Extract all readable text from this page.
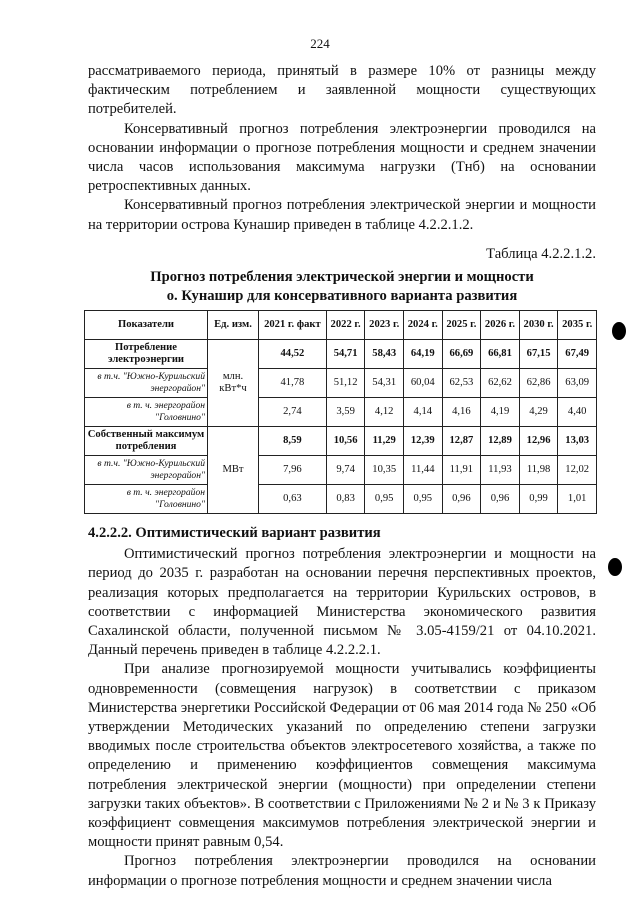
224

рассматриваемого периода, принятый в размере 10% от разницы между фактическим потреблением и заявленной мощности существующих потребителей.

Консервативный прогноз потребления электроэнергии проводился на основании информации о прогнозе потребления мощности и среднем значении числа часов использования максимума нагрузки (Тнб) на основании ретроспективных данных.

Консервативный прогноз потребления электрической энергии и мощности на территории острова Кунашир приведен в таблице 4.2.2.1.2.

Таблица 4.2.2.1.2.
Прогноз потребления электрической энергии и мощности
о. Кунашир для консервативного варианта развития
Показатели	Ед. изм.	2021 г. факт	2022 г.	2023 г.	2024 г.	2025 г.	2026 г.	2030 г.	2035 г.
Потребление электроэнергии	млн. кВт*ч	44,52	54,71	58,43	64,19	66,69	66,81	67,15	67,49
в т.ч. "Южно-Курильский энергорайон"		41,78	51,12	54,31	60,04	62,53	62,62	62,86	63,09
в т. ч. энергорайон "Головнино"		2,74	3,59	4,12	4,14	4,16	4,19	4,29	4,40
Собственный максимум потребления	МВт	8,59	10,56	11,29	12,39	12,87	12,89	12,96	13,03
в т.ч. "Южно-Курильский энергорайон"		7,96	9,74	10,35	11,44	11,91	11,93	11,98	12,02
в т. ч. энергорайон "Головнино"		0,63	0,83	0,95	0,95	0,96	0,96	0,99	1,01
4.2.2.2. Оптимистический вариант развития

Оптимистический прогноз потребления электроэнергии и мощности на период до 2035 г. разработан на основании перечня перспективных проектов, реализация которых предполагается на территории Курильских островов, в соответствии с информацией Министерства экономического развития Сахалинской области, полученной письмом № 3.05-4159/21 от 04.10.2021. Данный перечень приведен в таблице 4.2.2.2.1.

При анализе прогнозируемой мощности учитывались коэффициенты одновременности (совмещения нагрузок) в соответствии с приказом Министерства энергетики Российской Федерации от 06 мая 2014 года № 250 «Об утверждении Методических указаний по определению степени загрузки вводимых после строительства объектов электросетевого хозяйства, а также по определению и применению коэффициентов совмещения максимума потребления электрической энергии (мощности) при определении степени загрузки таких объектов». В соответствии с Приложениями № 2 и № 3 к Приказу коэффициент совмещения максимумов потребления электрической энергии и мощности принят равным 0,54.

Прогноз потребления электроэнергии проводился на основании информации о прогнозе потребления мощности и среднем значении числа
